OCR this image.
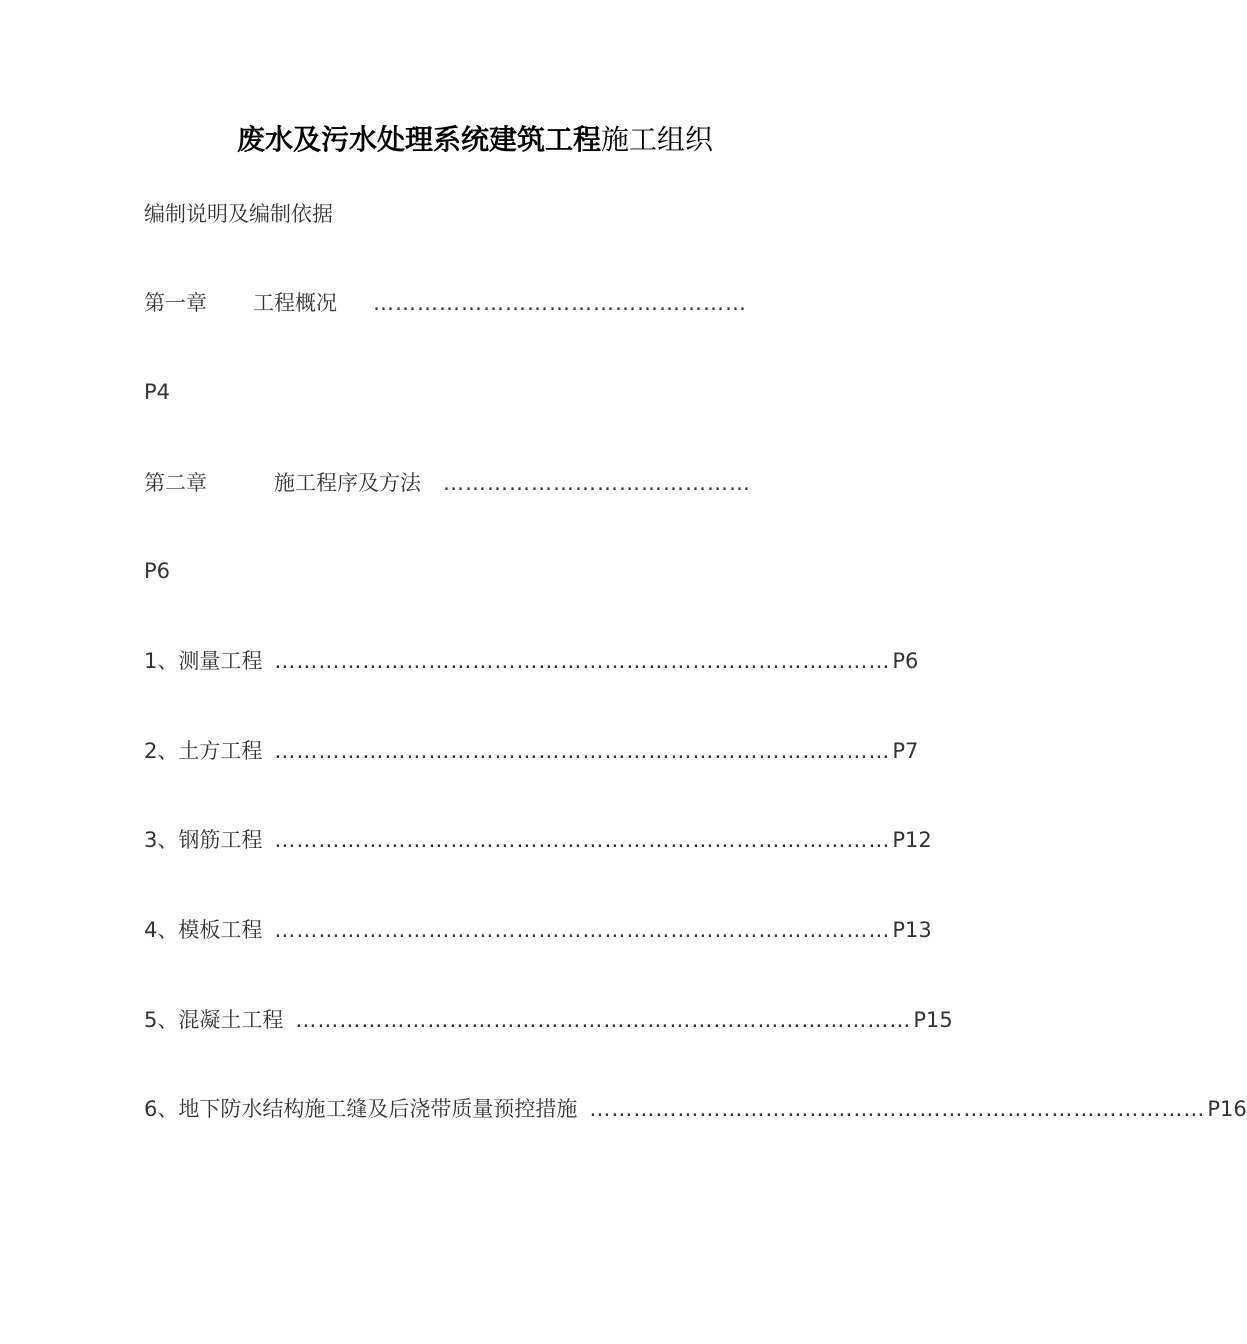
废水及污水处理系统建筑工程施工组织
编制说明及编制依据
第一章 工程概况 ……………………………………………
P4
第二章	施工程序及方法 ……………………………………
P6
1、测量工程 ………………………………………………………………………… P6
2、土方工程 ………………………………………………………………………… P7
3、钢筋工程 ………………………………………………………………………… P12
4、模板工程 ………………………………………………………………………… P13
5、混凝土工程 ………………………………………………………………………… P15
6、地下防水结构施工缝及后浇带质量预控措施 ………………………………………………………………………… P16
